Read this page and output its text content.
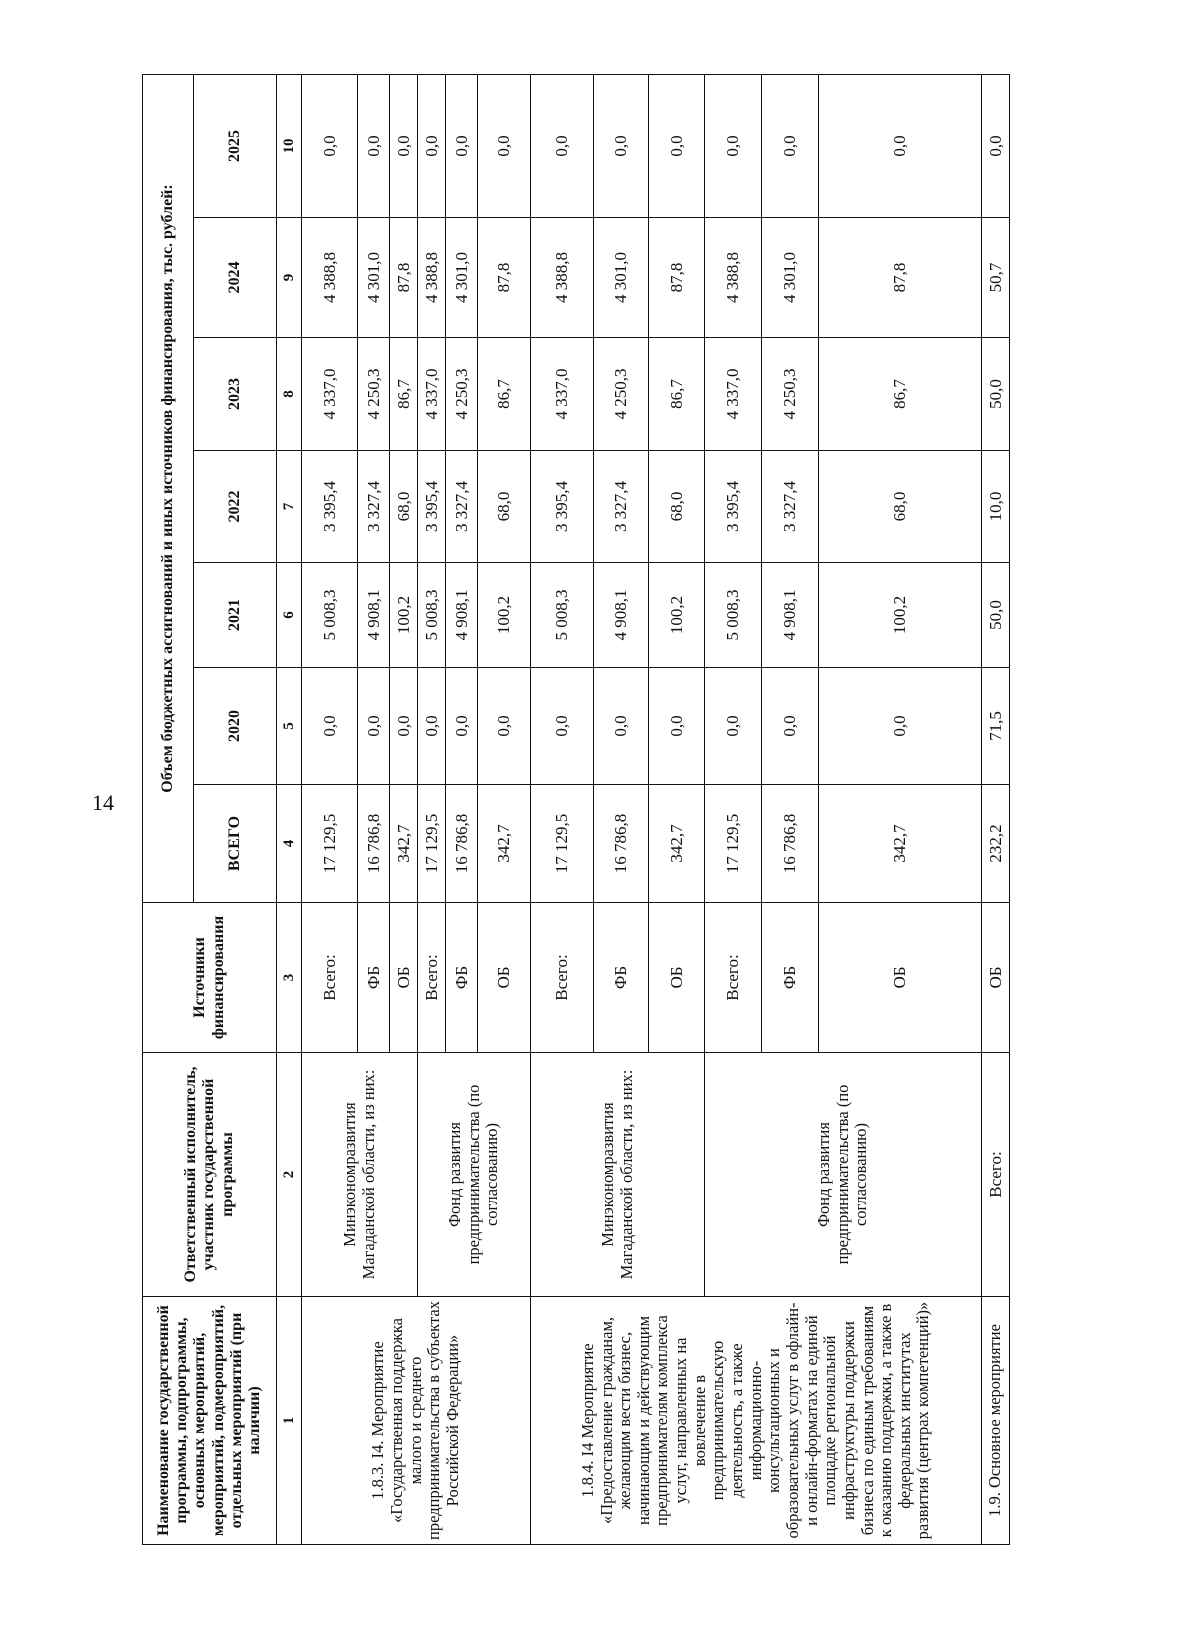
14
Наименование государственной программы, подпрограммы, основных мероприятий, мероприятий, подмероприятий, отдельных мероприятий (при наличии)	Ответственный исполнитель, участник государственной программы	Источники финансирования	Объем бюджетных ассигнований и иных источников финансирования, тыс. рублей:						
			ВСЕГО	2020	2021	2022	2023	2024	2025
1	2	3	4	5	6	7	8	9	10
1.8.3. I4. Мероприятие «Государственная поддержка малого и среднего предпринимательства в субъектах Российской Федерации»	Минэкономразвития Магаданской области, из них:	Всего:	17 129,5	0,0	5 008,3	3 395,4	4 337,0	4 388,8	0,0
		ФБ	16 786,8	0,0	4 908,1	3 327,4	4 250,3	4 301,0	0,0
		ОБ	342,7	0,0	100,2	68,0	86,7	87,8	0,0
	Фонд развития предпринимательства (по согласованию)	Всего:	17 129,5	0,0	5 008,3	3 395,4	4 337,0	4 388,8	0,0
		ФБ	16 786,8	0,0	4 908,1	3 327,4	4 250,3	4 301,0	0,0
		ОБ	342,7	0,0	100,2	68,0	86,7	87,8	0,0
1.8.4. I4 Мероприятие «Предоставление гражданам, желающим вести бизнес, начинающим и действующим предпринимателям комплекса услуг, направленных на вовлечение в предпринимательскую деятельность, а также информационно-консультационных и образовательных услуг в офлайн- и онлайн-форматах на единой площадке региональной инфраструктуры поддержки бизнеса по единым требованиям к оказанию поддержки, а также в федеральных институтах развития (центрах компетенций)»	Минэкономразвития Магаданской области, из них:	Всего:	17 129,5	0,0	5 008,3	3 395,4	4 337,0	4 388,8	0,0
		ФБ	16 786,8	0,0	4 908,1	3 327,4	4 250,3	4 301,0	0,0
		ОБ	342,7	0,0	100,2	68,0	86,7	87,8	0,0
	Фонд развития предпринимательства (по согласованию)	Всего:	17 129,5	0,0	5 008,3	3 395,4	4 337,0	4 388,8	0,0
		ФБ	16 786,8	0,0	4 908,1	3 327,4	4 250,3	4 301,0	0,0
		ОБ	342,7	0,0	100,2	68,0	86,7	87,8	0,0
1.9. Основное мероприятие	Всего:	ОБ	232,2	71,5	50,0	10,0	50,0	50,7	0,0
